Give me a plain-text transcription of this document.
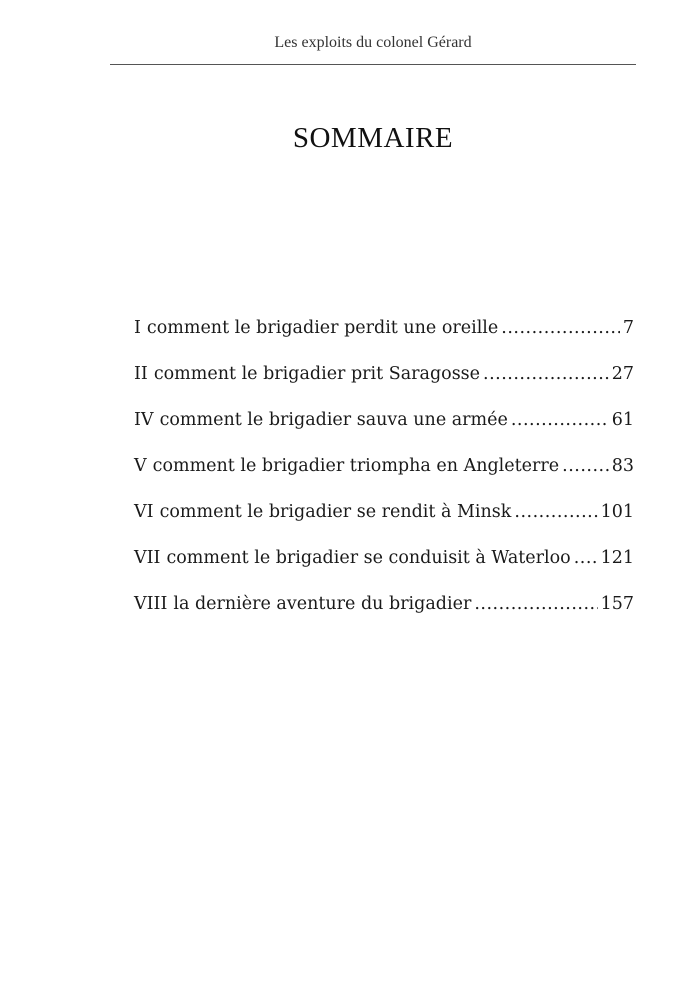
Les exploits du colonel Gérard
SOMMAIRE
I comment le brigadier perdit une oreille .....	7
II comment le brigadier prit Saragosse .....	27
IV comment le brigadier sauva une armée .....	61
V comment le brigadier triompha en Angleterre .....	83
VI comment le brigadier se rendit à Minsk .....	101
VII comment le brigadier se conduisit à Waterloo ..... 121
VIII la dernière aventure du brigadier .....	157
